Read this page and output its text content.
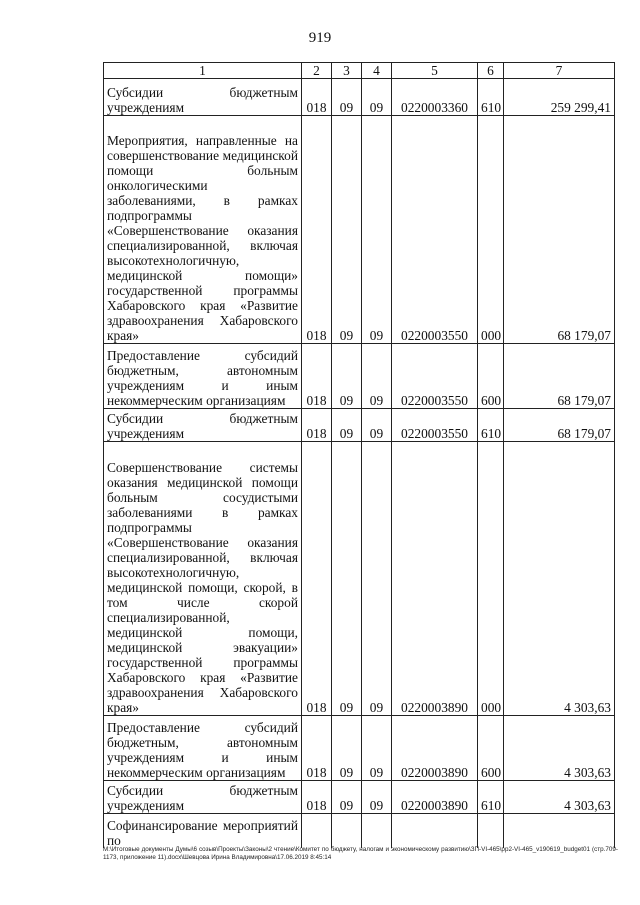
919
1	2	3	4	5	6	7
Субсидии бюджетным учреждениям	018	09	09	0220003360	610	259 299,41
Мероприятия, направленные на совершенствование медицинской помощи больным онкологическими заболеваниями, в рамках подпрограммы «Совершенствование оказания специализированной, включая высокотехнологичную, медицинской помощи» государственной программы Хабаровского края «Развитие здравоохранения Хабаровского края»	018	09	09	0220003550	000	68 179,07
Предоставление субсидий бюджетным, автономным учреждениям и иным некоммерческим организациям	018	09	09	0220003550	600	68 179,07
Субсидии бюджетным учреждениям	018	09	09	0220003550	610	68 179,07
Совершенствование системы оказания медицинской помощи больным сосудистыми заболеваниями в рамках подпрограммы «Совершенствование оказания специализированной, включая высокотехнологичную, медицинской помощи, скорой, в том числе скорой специализированной, медицинской помощи, медицинской эвакуации» государственной программы Хабаровского края «Развитие здравоохранения Хабаровского края»	018	09	09	0220003890	000	4 303,63
Предоставление субсидий бюджетным, автономным учреждениям и иным некоммерческим организациям	018	09	09	0220003890	600	4 303,63
Субсидии бюджетным учреждениям	018	09	09	0220003890	610	4 303,63
Софинансирование мероприятий по						
M:\Итоговые документы Думы\6 созыв\Проекты\Законы\2 чтение\Комитет по бюджету, налогам и экономическому развитию\ЗП-VI-465\pp2-VI-465_v190619_budget01 (стр.709-1173, приложение 11).docx\Шевцова Ирина Владимировна\17.06.2019 8:45:14
